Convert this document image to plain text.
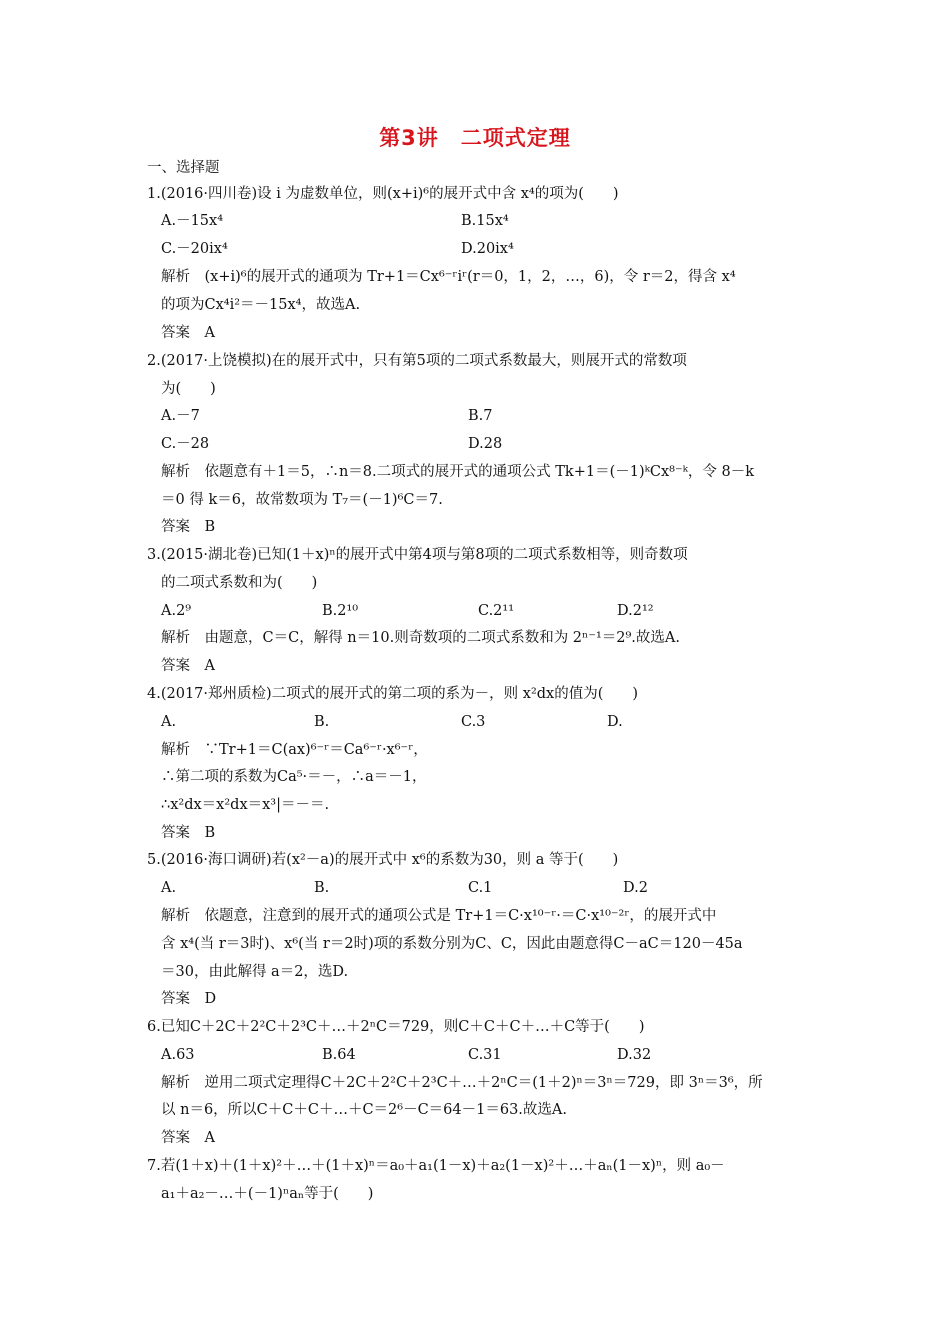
第3讲　二项式定理
一、选择题
1.(2016·四川卷)设 i 为虚数单位，则(x+i)⁶的展开式中含 x⁴的项为(　　)
A.－15x⁴	B.15x⁴
C.－20ix⁴	D.20ix⁴
解析　(x+i)⁶的展开式的通项为 Tr+1＝Cx⁶⁻ʳiʳ(r＝0，1，2，…，6)，令 r＝2，得含 x⁴
的项为Cx⁴i²＝－15x⁴，故选A.
答案　A
2.(2017·上饶模拟)在的展开式中，只有第5项的二项式系数最大，则展开式的常数项
为(　　)
A.－7	B.7
C.－28	D.28
解析　依题意有＋1＝5，∴n＝8.二项式的展开式的通项公式 Tk+1＝(－1)ᵏCx⁸⁻ᵏ，令 8－k
＝0 得 k＝6，故常数项为 T₇＝(－1)⁶C＝7.
答案　B
3.(2015·湖北卷)已知(1＋x)ⁿ的展开式中第4项与第8项的二项式系数相等，则奇数项
的二项式系数和为(　　)
A.2⁹	B.2¹⁰	C.2¹¹	D.2¹²
解析　由题意，C＝C，解得 n＝10.则奇数项的二项式系数和为 2ⁿ⁻¹＝2⁹.故选A.
答案　A
4.(2017·郑州质检)二项式的展开式的第二项的系为－，则 x²dx的值为(　　)
A.	B.	C.3	D.
解析　∵Tr+1＝C(ax)⁶⁻ʳ＝Ca⁶⁻ʳ·x⁶⁻ʳ，
∴第二项的系数为Ca⁵·＝－，∴a＝－1，
∴x²dx＝x²dx＝x³|＝－＝.
答案　B
5.(2016·海口调研)若(x²－a)的展开式中 x⁶的系数为30，则 a 等于(　　)
A.	B.	C.1	D.2
解析　依题意，注意到的展开式的通项公式是 Tr+1＝C·x¹⁰⁻ʳ·＝C·x¹⁰⁻²ʳ，的展开式中
含 x⁴(当 r＝3时)、x⁶(当 r＝2时)项的系数分别为C、C，因此由题意得C－aC＝120－45a
＝30，由此解得 a＝2，选D.
答案　D
6.已知C＋2C＋2²C＋2³C＋…＋2ⁿC＝729，则C＋C＋C＋…＋C等于(　　)
A.63	B.64	C.31	D.32
解析　逆用二项式定理得C＋2C＋2²C＋2³C＋…＋2ⁿC＝(1＋2)ⁿ＝3ⁿ＝729，即 3ⁿ＝3⁶，所
以 n＝6，所以C＋C＋C＋…＋C＝2⁶－C＝64－1＝63.故选A.
答案　A
7.若(1＋x)＋(1＋x)²＋…＋(1＋x)ⁿ＝a₀＋a₁(1－x)＋a₂(1－x)²＋…＋aₙ(1－x)ⁿ，则 a₀－
a₁＋a₂－…＋(－1)ⁿaₙ等于(　　)
